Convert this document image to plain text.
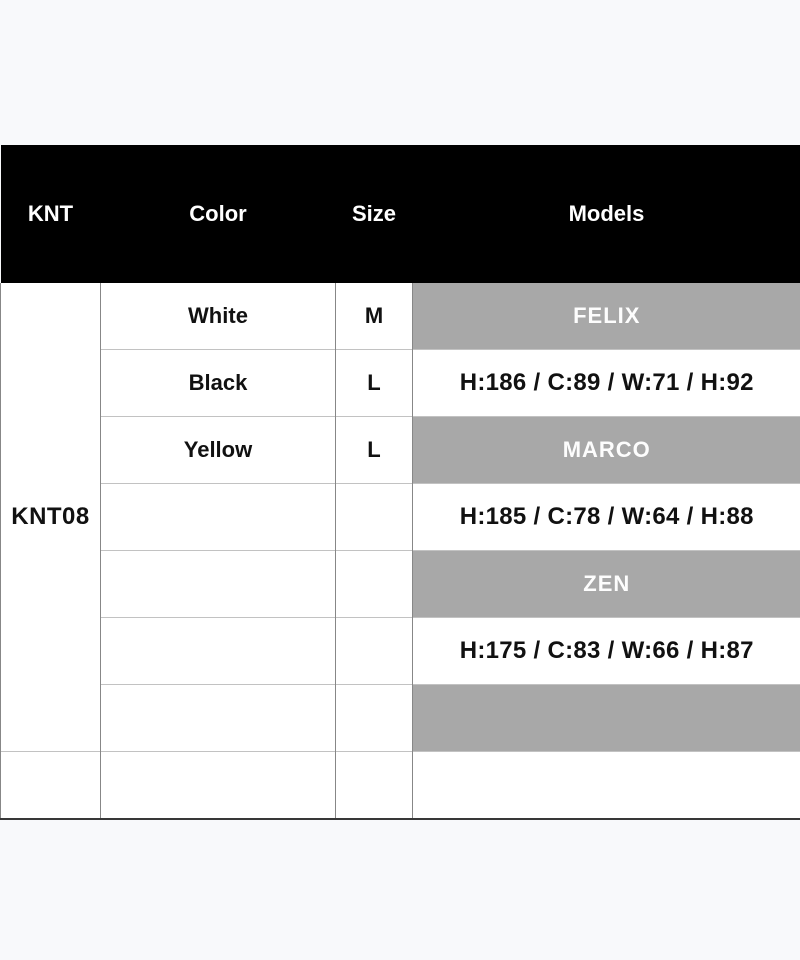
KNT	Color	Size	Models
KNT08	White	M	FELIX
	Black	L	H:186 / C:89 / W:71 / H:92
	Yellow	L	MARCO
			H:185 / C:78 / W:64 / H:88
			ZEN
			H:175 / C:83 / W:66 / H:87
